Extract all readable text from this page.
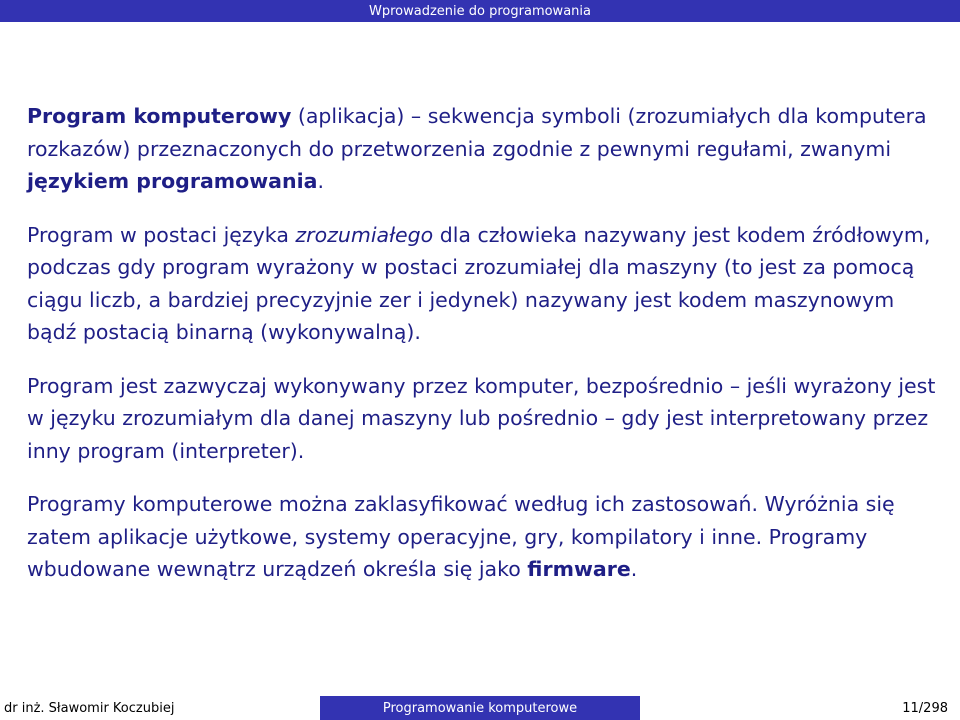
Wprowadzenie do programowania

Program komputerowy (aplikacja) – sekwencja symboli (zrozumiałych dla komputera rozkazów) przeznaczonych do przetworzenia zgodnie z pewnymi regułami, zwanymi językiem programowania.

Program w postaci języka zrozumiałego dla człowieka nazywany jest kodem źródłowym, podczas gdy program wyrażony w postaci zrozumiałej dla maszyny (to jest za pomocą ciągu liczb, a bardziej precyzyjnie zer i jedynek) nazywany jest kodem maszynowym bądź postacią binarną (wykonywalną).

Program jest zazwyczaj wykonywany przez komputer, bezpośrednio – jeśli wyrażony jest w języku zrozumiałym dla danej maszyny lub pośrednio – gdy jest interpretowany przez inny program (interpreter).

Programy komputerowe można zaklasyfikować według ich zastosowań. Wyróżnia się zatem aplikacje użytkowe, systemy operacyjne, gry, kompilatory i inne. Programy wbudowane wewnątrz urządzeń określa się jako firmware.

dr inż. Sławomir Koczubiej	Programowanie komputerowe	11/298
